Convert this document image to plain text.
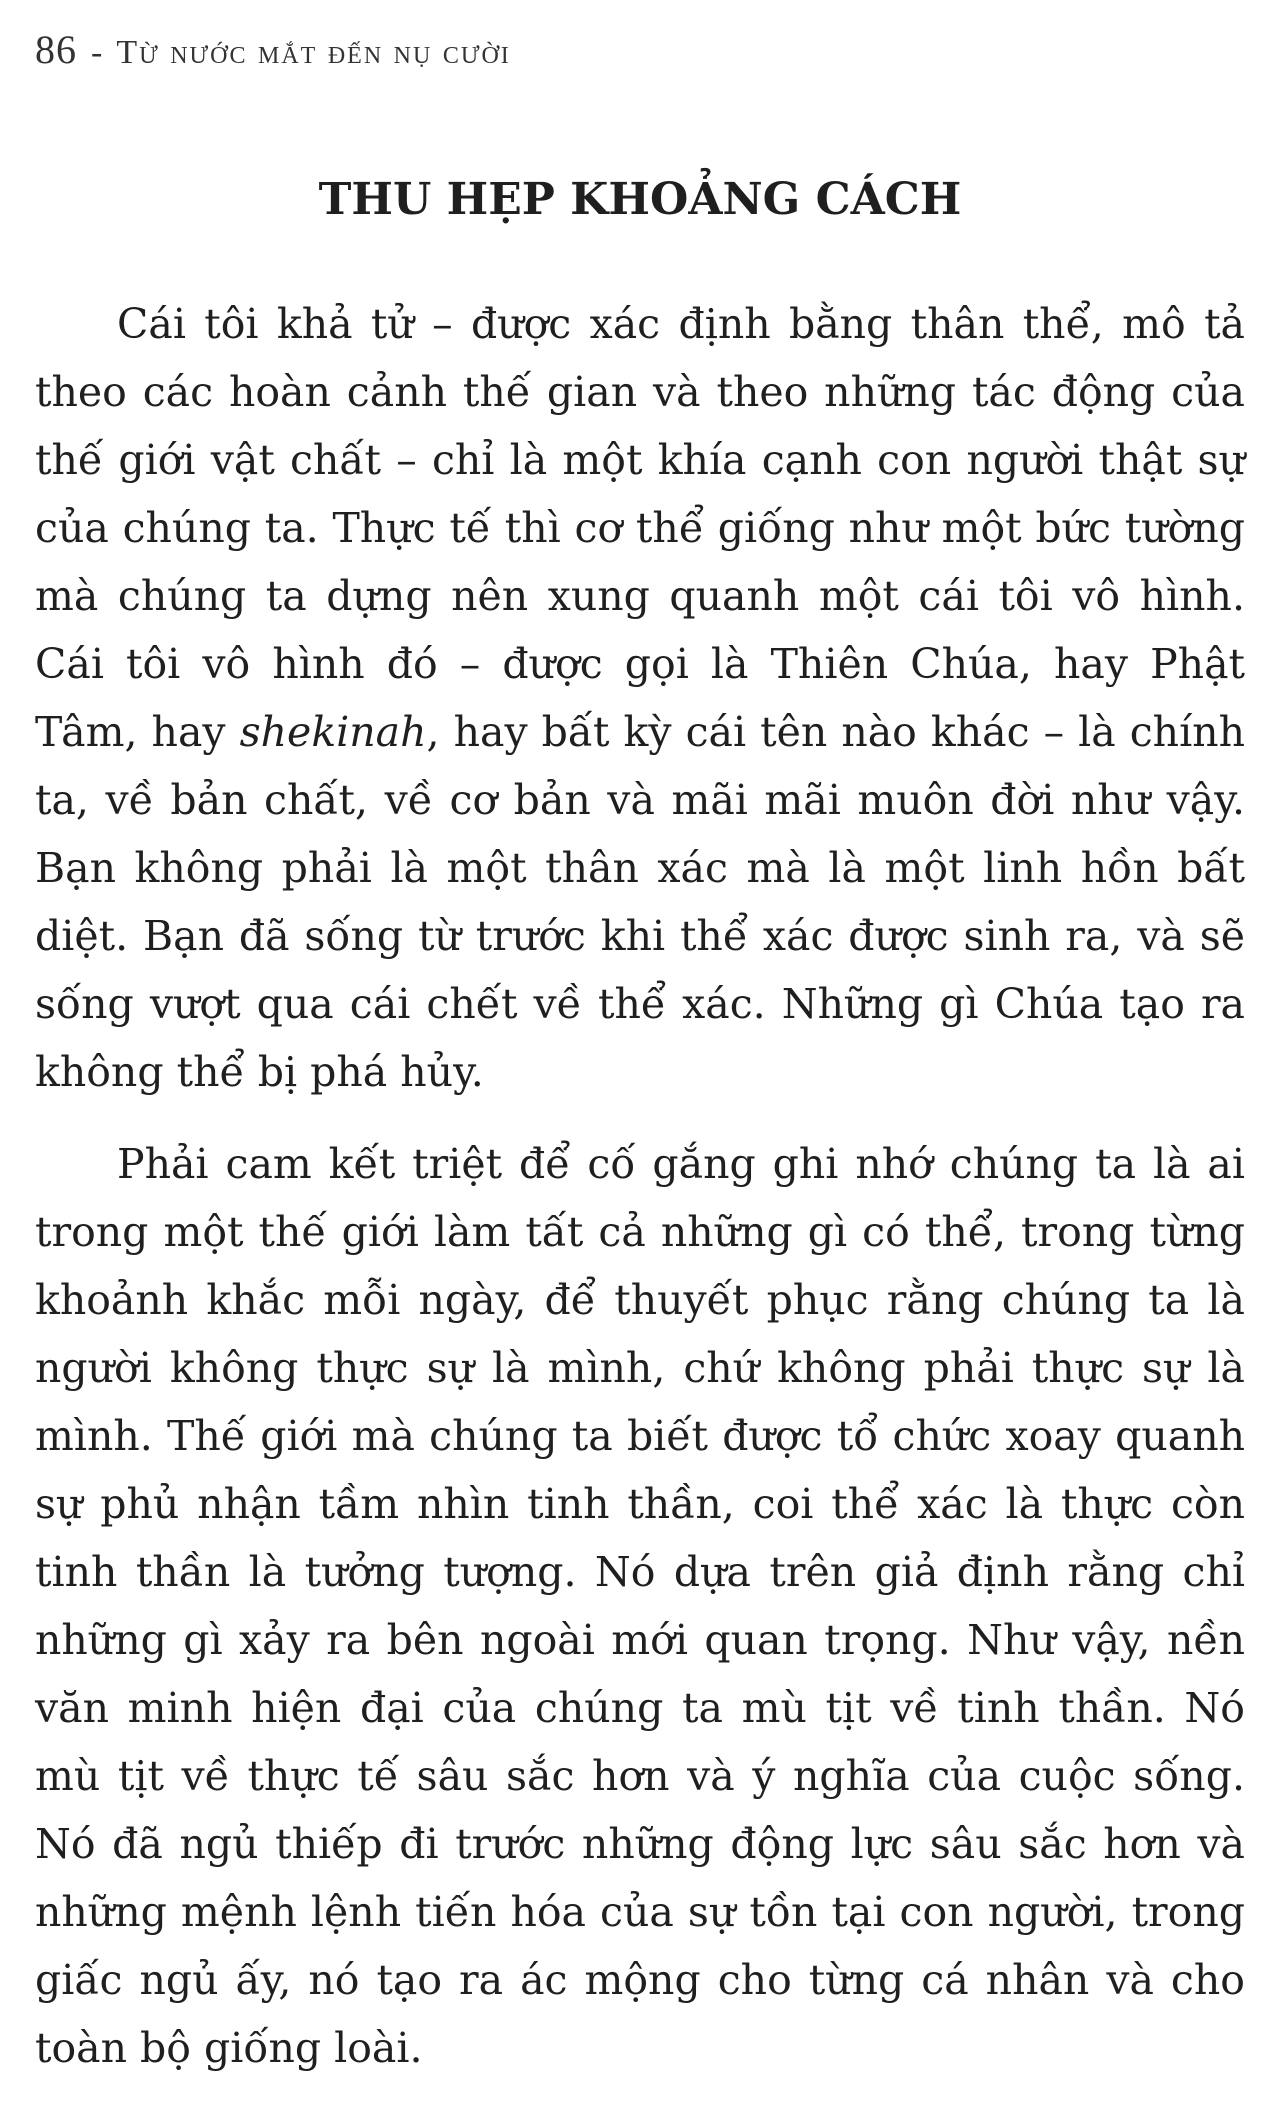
86 - Từ nước mắt đến nụ cười
THU HẸP KHOẢNG CÁCH

Cái tôi khả tử – được xác định bằng thân thể, mô tả theo các hoàn cảnh thế gian và theo những tác động của thế giới vật chất – chỉ là một khía cạnh con người thật sự của chúng ta. Thực tế thì cơ thể giống như một bức tường mà chúng ta dựng nên xung quanh một cái tôi vô hình. Cái tôi vô hình đó – được gọi là Thiên Chúa, hay Phật Tâm, hay shekinah, hay bất kỳ cái tên nào khác – là chính ta, về bản chất, về cơ bản và mãi mãi muôn đời như vậy. Bạn không phải là một thân xác mà là một linh hồn bất diệt. Bạn đã sống từ trước khi thể xác được sinh ra, và sẽ sống vượt qua cái chết về thể xác. Những gì Chúa tạo ra không thể bị phá hủy.

Phải cam kết triệt để cố gắng ghi nhớ chúng ta là ai trong một thế giới làm tất cả những gì có thể, trong từng khoảnh khắc mỗi ngày, để thuyết phục rằng chúng ta là người không thực sự là mình, chứ không phải thực sự là mình. Thế giới mà chúng ta biết được tổ chức xoay quanh sự phủ nhận tầm nhìn tinh thần, coi thể xác là thực còn tinh thần là tưởng tượng. Nó dựa trên giả định rằng chỉ những gì xảy ra bên ngoài mới quan trọng. Như vậy, nền văn minh hiện đại của chúng ta mù tịt về tinh thần. Nó mù tịt về thực tế sâu sắc hơn và ý nghĩa của cuộc sống. Nó đã ngủ thiếp đi trước những động lực sâu sắc hơn và những mệnh lệnh tiến hóa của sự tồn tại con người, trong giấc ngủ ấy, nó tạo ra ác mộng cho từng cá nhân và cho toàn bộ giống loài.
